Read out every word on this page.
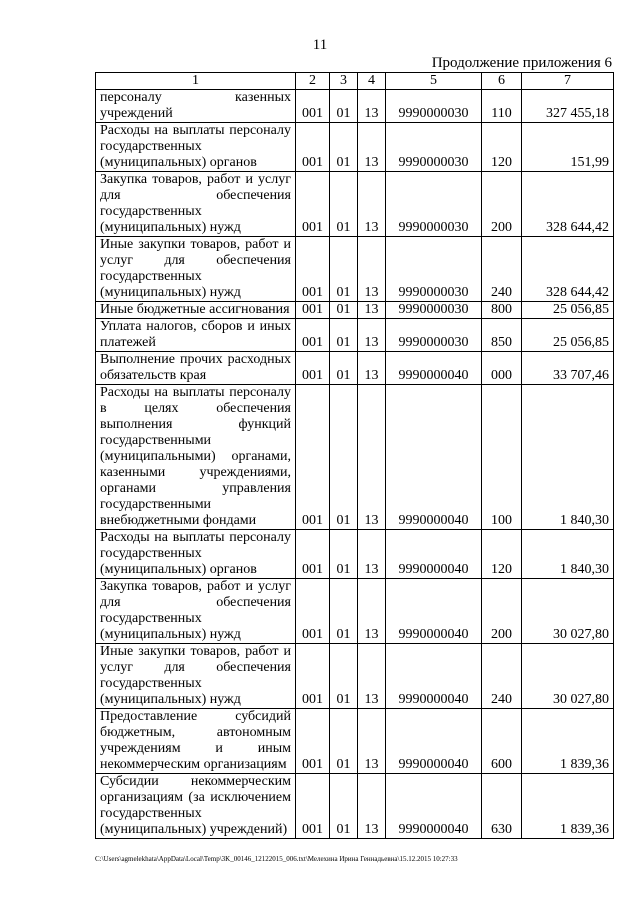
11
Продолжение приложения 6
1	2	3	4	5	6	7
персоналу казенных учреждений	001	01	13	9990000030	110	327 455,18
Расходы на выплаты персоналу государственных (муниципальных) органов	001	01	13	9990000030	120	151,99
Закупка товаров, работ и услуг для обеспечения государственных (муниципальных) нужд	001	01	13	9990000030	200	328 644,42
Иные закупки товаров, работ и услуг для обеспечения государственных (муниципальных) нужд	001	01	13	9990000030	240	328 644,42
Иные бюджетные ассигнования	001	01	13	9990000030	800	25 056,85
Уплата налогов, сборов и иных платежей	001	01	13	9990000030	850	25 056,85
Выполнение прочих расходных обязательств края	001	01	13	9990000040	000	33 707,46
Расходы на выплаты персоналу в целях обеспечения выполнения функций государственными (муниципальными) органами, казенными учреждениями, органами управления государственными внебюджетными фондами	001	01	13	9990000040	100	1 840,30
Расходы на выплаты персоналу государственных (муниципальных) органов	001	01	13	9990000040	120	1 840,30
Закупка товаров, работ и услуг для обеспечения государственных (муниципальных) нужд	001	01	13	9990000040	200	30 027,80
Иные закупки товаров, работ и услуг для обеспечения государственных (муниципальных) нужд	001	01	13	9990000040	240	30 027,80
Предоставление субсидий бюджетным, автономным учреждениям и иным некоммерческим организациям	001	01	13	9990000040	600	1 839,36
Субсидии некоммерческим организациям (за исключением государственных (муниципальных) учреждений)	001	01	13	9990000040	630	1 839,36
C:\Users\agmelekhata\AppData\Local\Temp\3K_00146_12122015_006.txt\Мелехина Ирина Геннадьевна\15.12.2015 10:27:33
